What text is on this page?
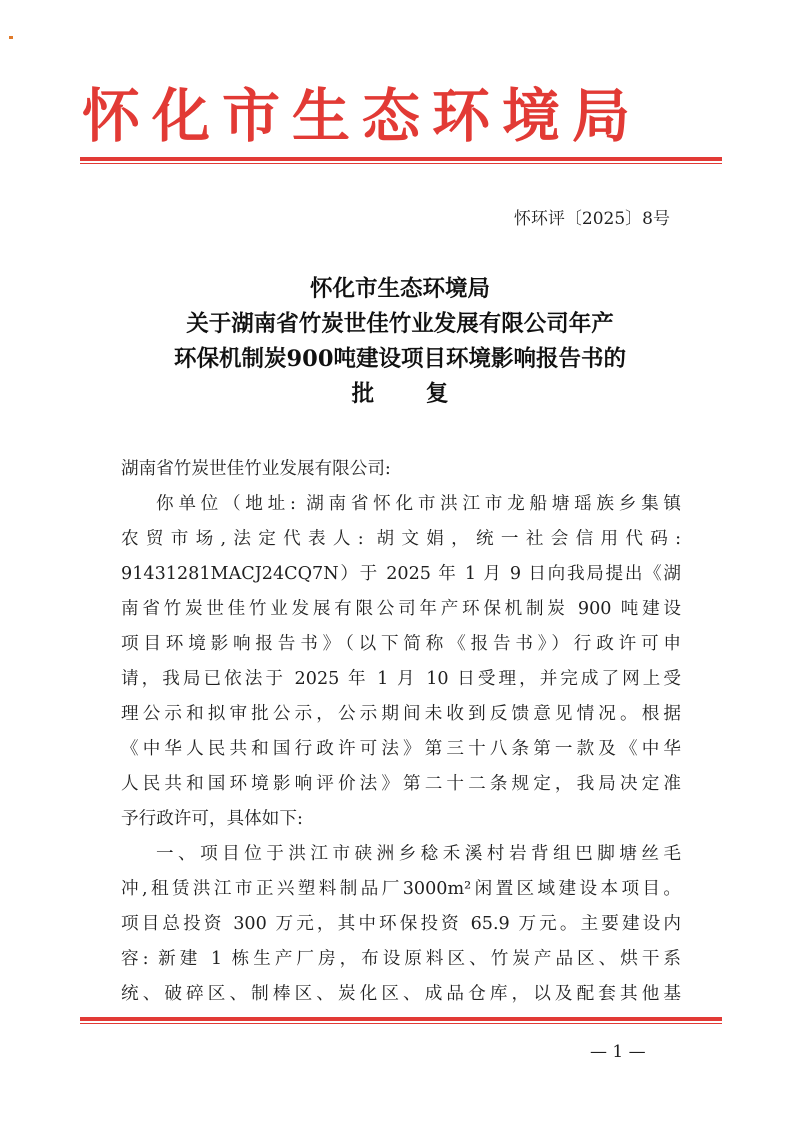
怀化市生态环境局
怀环评〔2025〕8号
怀化市生态环境局
关于湖南省竹炭世佳竹业发展有限公司年产
环保机制炭900吨建设项目环境影响报告书的
批 复
湖南省竹炭世佳竹业发展有限公司:
你单位（地址: 湖南省怀化市洪江市龙船塘瑶族乡集镇
农贸市场,法定代表人: 胡文娟，统一社会信用代码:
91431281MACJ24CQ7N）于 2025 年 1 月 9 日向我局提出《湖
南省竹炭世佳竹业发展有限公司年产环保机制炭 900 吨建设
项目环境影响报告书》（以下简称《报告书》）行政许可申
请，我局已依法于 2025 年 1 月 10 日受理，并完成了网上受
理公示和拟审批公示，公示期间未收到反馈意见情况。根据
《中华人民共和国行政许可法》第三十八条第一款及《中华
人民共和国环境影响评价法》第二十二条规定，我局决定准
予行政许可，具体如下:
一、项目位于洪江市硖洲乡稔禾溪村岩背组巴脚塘丝毛
冲,租赁洪江市正兴塑料制品厂3000m²闲置区域建设本项目。
项目总投资 300 万元，其中环保投资 65.9 万元。主要建设内
容: 新建 1 栋生产厂房，布设原料区、竹炭产品区、烘干系
统、破碎区、制棒区、炭化区、成品仓库，以及配套其他基
— 1 —
